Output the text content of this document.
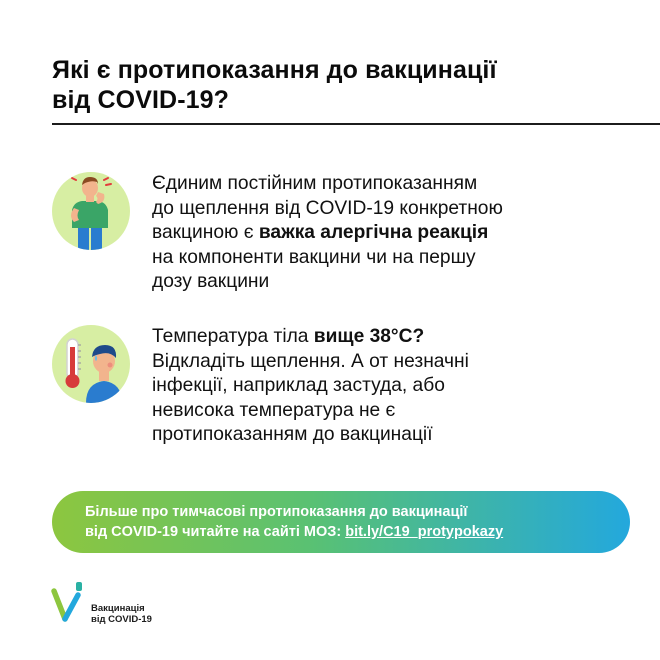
Які є протипоказання до вакцинації
від COVID-19?
Єдиним постійним протипоказанням
до щеплення від COVID-19 конкретною
вакциною є важка алергічна реакція
на компоненти вакцини чи на першу
дозу вакцини
Температура тіла вище 38°C?
Відкладіть щеплення. А от незначні
інфекції, наприклад застуда, або
невисока температура не є
протипоказанням до вакцинації
Більше про тимчасові протипоказання до вакцинації
від COVID-19 читайте на сайті МОЗ: bit.ly/C19_protypokazy
Вакцинація
від COVID-19
